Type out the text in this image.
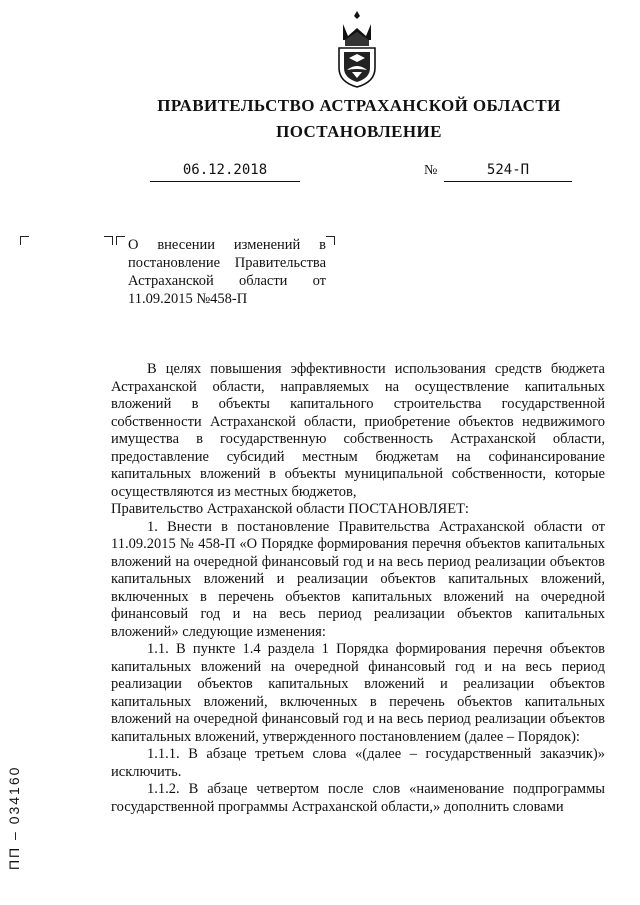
ПРАВИТЕЛЬСТВО АСТРАХАНСКОЙ ОБЛАСТИ
ПОСТАНОВЛЕНИЕ
06.12.2018	№	524-П
О внесении изменений в постановление Правительства Астраханской области от 11.09.2015 №458-П

В целях повышения эффективности использования средств бюджета Астраханской области, направляемых на осуществление капитальных вложений в объекты капитального строительства государственной собственности Астраханской области, приобретение объектов недвижимого имущества в государственную собственность Астраханской области, предоставление субсидий местным бюджетам на софинансирование капитальных вложений в объекты муниципальной собственности, которые осуществляются из местных бюджетов,

Правительство Астраханской области ПОСТАНОВЛЯЕТ:

1. Внести в постановление Правительства Астраханской области от 11.09.2015 № 458-П «О Порядке формирования перечня объектов капитальных вложений на очередной финансовый год и на весь период реализации объектов капитальных вложений и реализации объектов капитальных вложений, включенных в перечень объектов капитальных вложений на очередной финансовый год и на весь период реализации объектов капитальных вложений» следующие изменения:

1.1. В пункте 1.4 раздела 1 Порядка формирования перечня объектов капитальных вложений на очередной финансовый год и на весь период реализации объектов капитальных вложений и реализации объектов капитальных вложений, включенных в перечень объектов капитальных вложений на очередной финансовый год и на весь период реализации объектов капитальных вложений, утвержденного постановлением (далее – Порядок):

1.1.1. В абзаце третьем слова «(далее – государственный заказчик)» исключить.

1.1.2. В абзаце четвертом после слов «наименование подпрограммы государственной программы Астраханской области,» дополнить словами

ПП – 034160
